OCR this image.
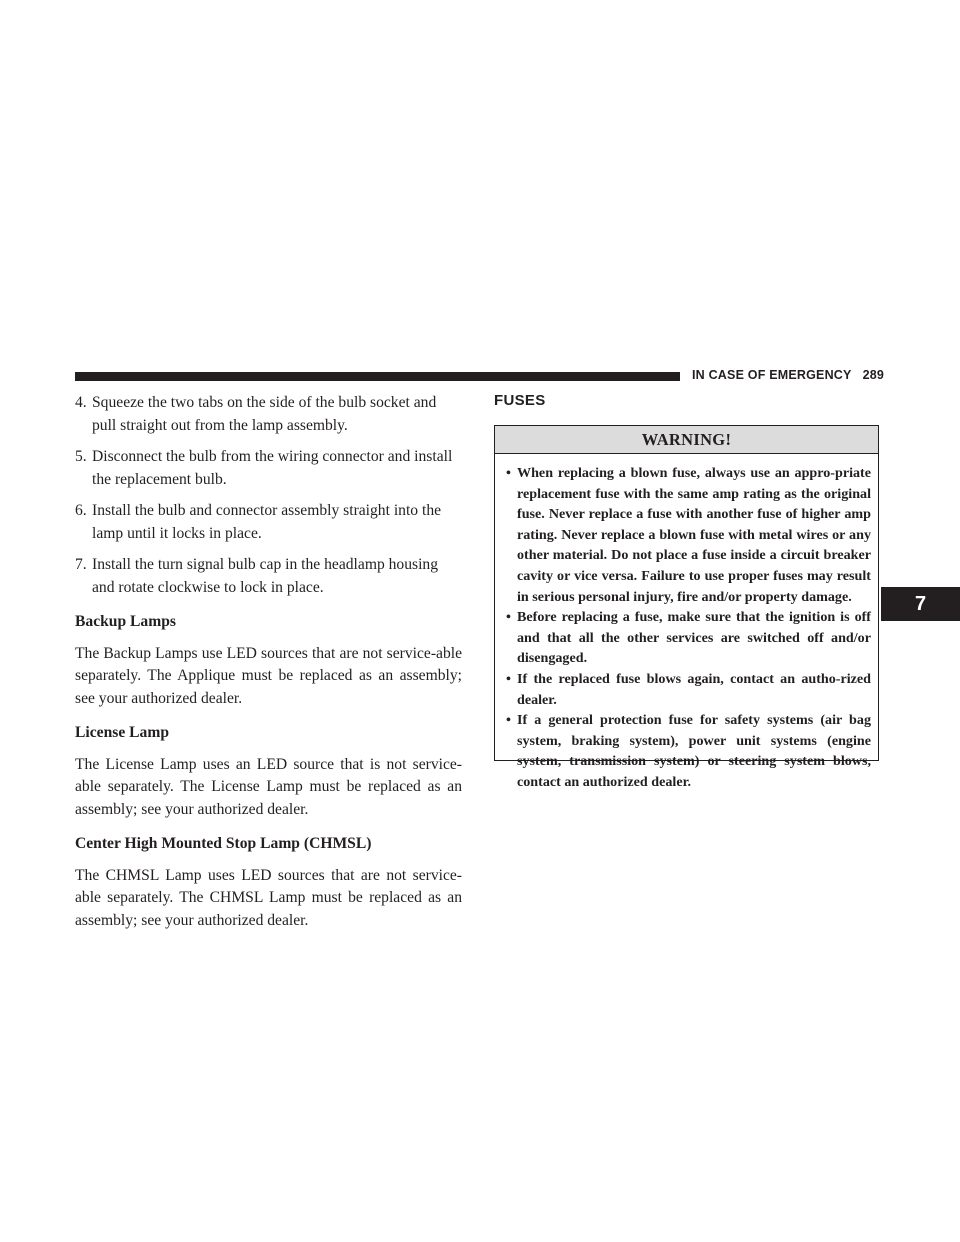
IN CASE OF EMERGENCY 289
7

4. Squeeze the two tabs on the side of the bulb socket and pull straight out from the lamp assembly.

5. Disconnect the bulb from the wiring connector and install the replacement bulb.

6. Install the bulb and connector assembly straight into the lamp until it locks in place.

7. Install the turn signal bulb cap in the headlamp housing and rotate clockwise to lock in place.

Backup Lamps

The Backup Lamps use LED sources that are not service-able separately. The Applique must be replaced as an assembly; see your authorized dealer.

License Lamp

The License Lamp uses an LED source that is not service-able separately. The License Lamp must be replaced as an assembly; see your authorized dealer.

Center High Mounted Stop Lamp (CHMSL)

The CHMSL Lamp uses LED sources that are not service-able separately. The CHMSL Lamp must be replaced as an assembly; see your authorized dealer.

FUSES
WARNING!
• When replacing a blown fuse, always use an appro-priate replacement fuse with the same amp rating as the original fuse. Never replace a fuse with another fuse of higher amp rating. Never replace a blown fuse with metal wires or any other material. Do not place a fuse inside a circuit breaker cavity or vice versa. Failure to use proper fuses may result in serious personal injury, fire and/or property damage.
• Before replacing a fuse, make sure that the ignition is off and that all the other services are switched off and/or disengaged.
• If the replaced fuse blows again, contact an autho-rized dealer.
• If a general protection fuse for safety systems (air bag system, braking system), power unit systems (engine system, transmission system) or steering system blows, contact an authorized dealer.
